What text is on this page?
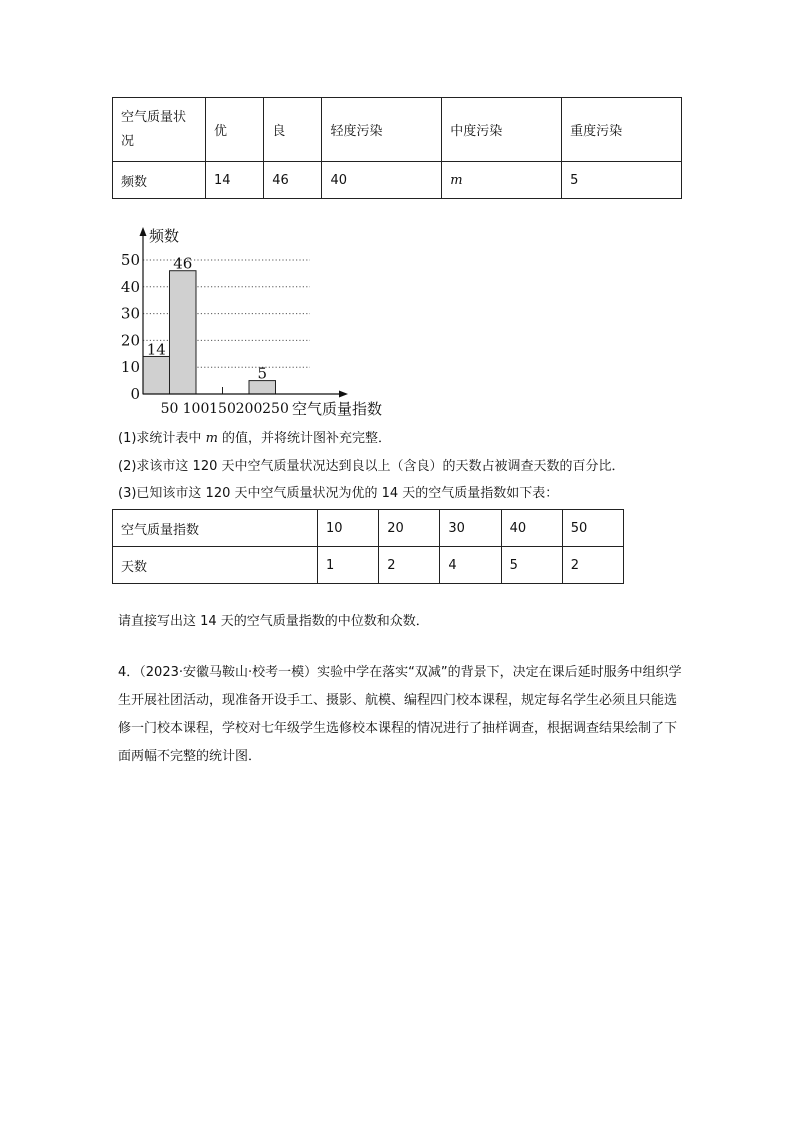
空气质量状况	优	良	轻度污染	中度污染	重度污染
频数	14	46	40	m	5
14
46
5
0
10
20
30
40
50
50 100 150 200 250
频数
空气质量指数
(1)求统计表中 m 的值，并将统计图补充完整．
(2)求该市这 120 天中空气质量状况达到良以上（含良）的天数占被调查天数的百分比．
(3)已知该市这 120 天中空气质量状况为优的 14 天的空气质量指数如下表：
空气质量指数	10	20	30	40	50
天数	1	2	4	5	2
请直接写出这 14 天的空气质量指数的中位数和众数．
4．（2023·安徽马鞍山·校考一模）实验中学在落实“双减”的背景下，决定在课后延时服务中组织学生开展社团活动，现准备开设手工、摄影、航模、编程四门校本课程，规定每名学生必须且只能选修一门校本课程，学校对七年级学生选修校本课程的情况进行了抽样调查，根据调查结果绘制了下面两幅不完整的统计图．
